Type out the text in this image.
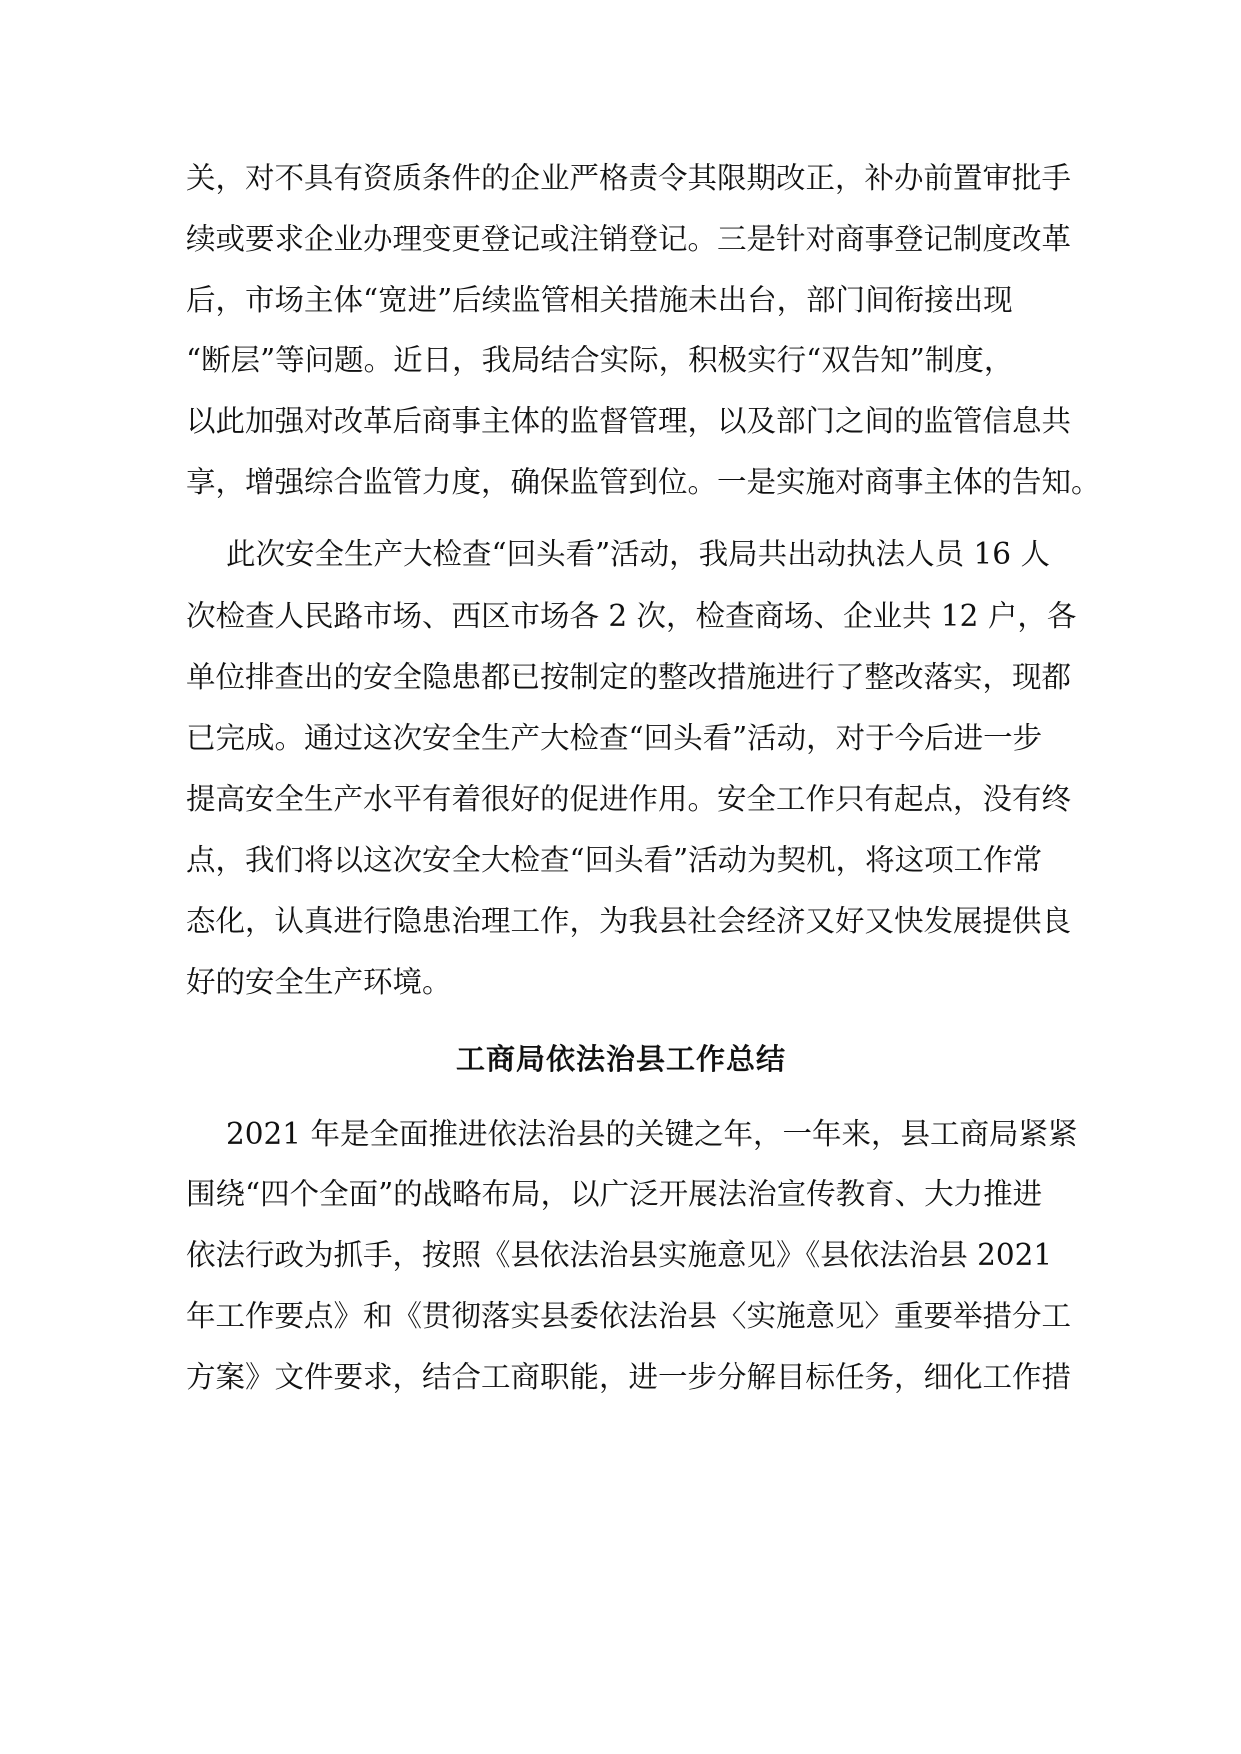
关，对不具有资质条件的企业严格责令其限期改正，补办前置审批手
续或要求企业办理变更登记或注销登记。三是针对商事登记制度改革
后，市场主体“宽进”后续监管相关措施未出台，部门间衔接出现
“断层”等问题。近日，我局结合实际，积极实行“双告知”制度，
以此加强对改革后商事主体的监督管理，以及部门之间的监管信息共
享，增强综合监管力度，确保监管到位。一是实施对商事主体的告知。
此次安全生产大检查“回头看”活动，我局共出动执法人员 16 人
次检查人民路市场、西区市场各 2 次，检查商场、企业共 12 户，各
单位排查出的安全隐患都已按制定的整改措施进行了整改落实，现都
已完成。通过这次安全生产大检查“回头看”活动，对于今后进一步
提高安全生产水平有着很好的促进作用。安全工作只有起点，没有终
点，我们将以这次安全大检查“回头看”活动为契机，将这项工作常
态化，认真进行隐患治理工作，为我县社会经济又好又快发展提供良
好的安全生产环境。
工商局依法治县工作总结
2021 年是全面推进依法治县的关键之年，一年来，县工商局紧紧
围绕“四个全面”的战略布局，以广泛开展法治宣传教育、大力推进
依法行政为抓手，按照《县依法治县实施意见》《县依法治县 2021
年工作要点》和《贯彻落实县委依法治县〈实施意见〉重要举措分工
方案》文件要求，结合工商职能，进一步分解目标任务，细化工作措
